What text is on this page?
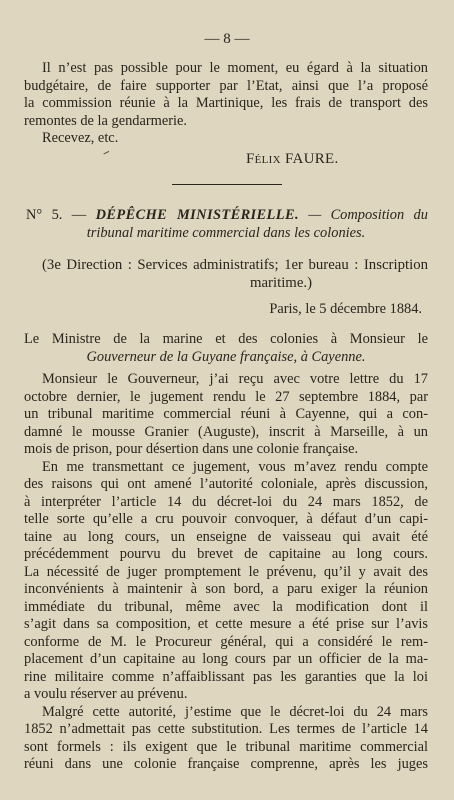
— 8 —
Il n’est pas possible pour le moment, eu égard à la situation
budgétaire, de faire supporter par l’Etat, ainsi que l’a proposé
la commission réunie à la Martinique, les frais de transport des
remontes de la gendarmerie.
Recevez, etc.
Félix FAURE.
N° 5. — DÉPÊCHE MINISTÉRIELLE. — Composition du
tribunal maritime commercial dans les colonies.
(3e Direction : Services administratifs; 1er bureau : Inscription
maritime.)
Paris, le 5 décembre 1884.
Le Ministre de la marine et des colonies à Monsieur le
Gouverneur de la Guyane française, à Cayenne.
Monsieur le Gouverneur, j’ai reçu avec votre lettre du 17
octobre dernier, le jugement rendu le 27 septembre 1884, par
un tribunal maritime commercial réuni à Cayenne, qui a con-
damné le mousse Granier (Auguste), inscrit à Marseille, à un
mois de prison, pour désertion dans une colonie française.
En me transmettant ce jugement, vous m’avez rendu compte
des raisons qui ont amené l’autorité coloniale, après discussion,
à interpréter l’article 14 du décret-loi du 24 mars 1852, de
telle sorte qu’elle a cru pouvoir convoquer, à défaut d’un capi-
taine au long cours, un enseigne de vaisseau qui avait été
précédemment pourvu du brevet de capitaine au long cours.
La nécessité de juger promptement le prévenu, qu’il y avait des
inconvénients à maintenir à son bord, a paru exiger la réunion
immédiate du tribunal, même avec la modification dont il
s’agit dans sa composition, et cette mesure a été prise sur l’avis
conforme de M. le Procureur général, qui a considéré le rem-
placement d’un capitaine au long cours par un officier de la ma-
rine militaire comme n’affaiblissant pas les garanties que la loi
a voulu réserver au prévenu.
Malgré cette autorité, j’estime que le décret-loi du 24 mars
1852 n’admettait pas cette substitution. Les termes de l’article 14
sont formels : ils exigent que le tribunal maritime commercial
réuni dans une colonie française comprenne, après les juges
